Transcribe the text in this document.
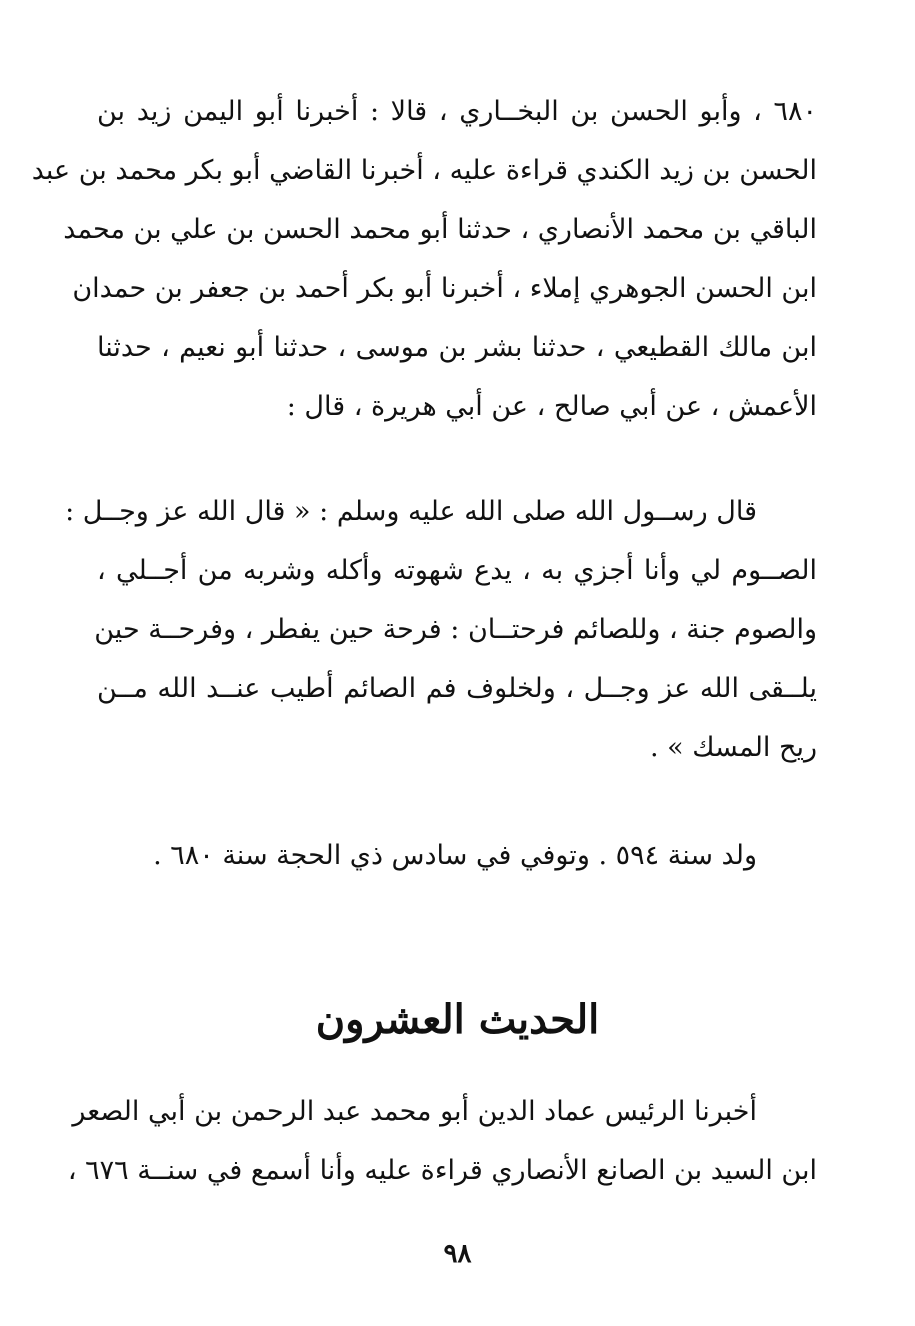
٦٨٠ ، وأبو الحسن بن البخــاري ، قالا : أخبرنا أبو اليمن زيد بن
الحسن بن زيد الكندي قراءة عليه ، أخبرنا القاضي أبو بكر محمد بن عبد
الباقي بن محمد الأنصاري ، حدثنا أبو محمد الحسن بن علي بن محمد
ابن الحسن الجوهري إملاء ، أخبرنا أبو بكر أحمد بن جعفر بن حمدان
ابن مالك القطيعي ، حدثنا بشر بن موسى ، حدثنا أبو نعيم ، حدثنا
الأعمش ، عن أبي صالح ، عن أبي هريرة ، قال :

قال رســول الله صلى الله عليه وسلم : « قال الله عز وجــل :
الصــوم لي وأنا أجزي به ، يدع شهوته وأكله وشربه من أجــلي ،
والصوم جنة ، وللصائم فرحتــان : فرحة حين يفطر ، وفرحــة حين
يلــقى الله عز وجــل ، ولخلوف فم الصائم أطيب عنــد الله مــن
ريح المسك » .

ولد سنة ٥٩٤ . وتوفي في سادس ذي الحجة سنة ٦٨٠ .

الحديث العشرون

أخبرنا الرئيس عماد الدين أبو محمد عبد الرحمن بن أبي الصعر
ابن السيد بن الصانع الأنصاري قراءة عليه وأنا أسمع في سنــة ٦٧٦ ،

٩٨
